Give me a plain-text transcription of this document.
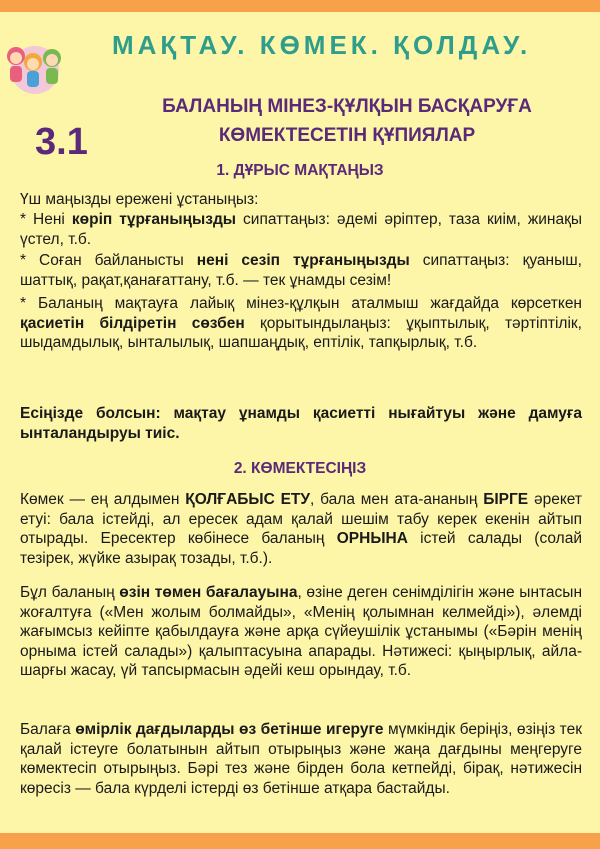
МАҚТАУ. КӨМЕК. ҚОЛДАУ.
3.1
БАЛАНЫҢ МІНЕЗ-ҚҰЛҚЫН БАСҚАРУҒА
КӨМЕКТЕСЕТІН ҚҰПИЯЛАР
1. ДҰРЫС МАҚТАҢЫЗ
Үш маңызды ережені ұстаныңыз:
* Нені көріп тұрғаныңызды сипаттаңыз: әдемі әріптер, таза киім, жинақы үстел, т.б.
* Соған байланысты нені сезіп тұрғаныңызды сипаттаңыз: қуаныш, шаттық, рақат,қанағаттану, т.б. — тек ұнамды сезім!
* Баланың мақтауға лайық мінез-құлқын аталмыш жағдайда көрсеткен қасиетін білдіретін сөзбен қорытындылаңыз: ұқыптылық, тәртіптілік, шыдамдылық, ынталылық, шапшаңдық, ептілік, тапқырлық, т.б.
Есіңізде болсын: мақтау ұнамды қасиетті нығайтуы және дамуға ынталандыруы тиіс.
2. КӨМЕКТЕСІҢІЗ
Көмек — ең алдымен ҚОЛҒАБЫС ЕТУ, бала мен ата-ананың БІРГЕ әрекет етуі: бала істейді, ал ересек адам қалай шешім табу керек екенін айтып отырады. Ересектер көбінесе баланың ОРНЫНА істей салады (солай тезірек, жүйке азырақ тозады, т.б.).
Бұл баланың өзін төмен бағалауына, өзіне деген сенімділігін және ынтасын жоғалтуға («Мен жолым болмайды», «Менің қолымнан келмейді»), әлемді жағымсыз кейіпте қабылдауға және арқа сүйеушілік ұстанымы («Бәрін менің орныма істей салады») қалыптасуына апарады. Нәтижесі: қыңырлық, айла-шарғы жасау, үй тапсырмасын әдейі кеш орындау, т.б.
Балаға өмірлік дағдыларды өз бетінше игеруге мүмкіндік беріңіз, өзіңіз тек қалай істеуге болатынын айтып отырыңыз және жаңа дағдыны меңгеруге көмектесіп отырыңыз. Бәрі тез және бірден бола кетпейді, бірақ, нәтижесін көресіз — бала күрделі істерді өз бетінше атқара бастайды.
